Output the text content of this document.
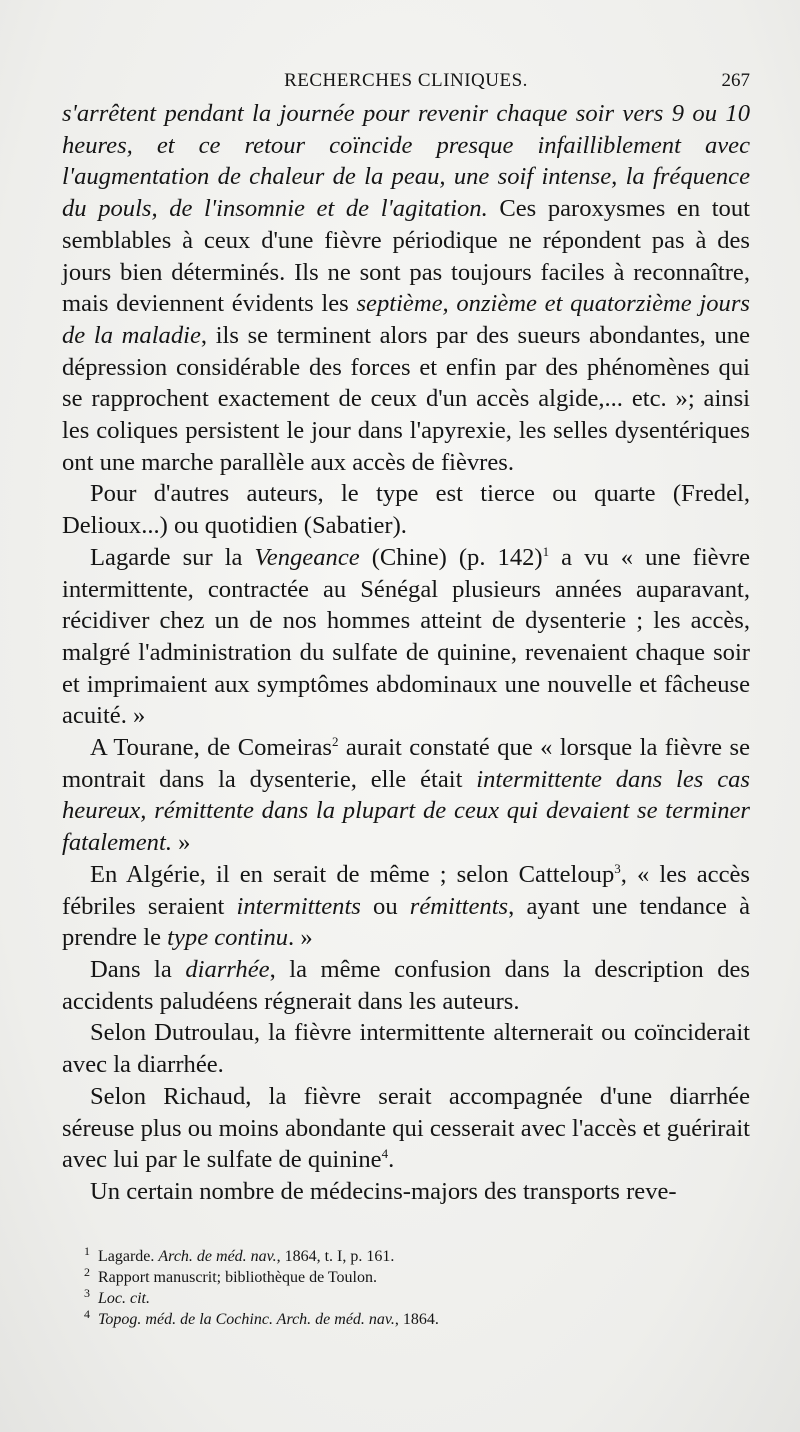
RECHERCHES CLINIQUES.	267

s'arrêtent pendant la journée pour revenir chaque soir vers 9 ou 10 heures, et ce retour coïncide presque infailliblement avec l'augmentation de chaleur de la peau, une soif intense, la fréquence du pouls, de l'insomnie et de l'agitation. Ces paroxysmes en tout semblables à ceux d'une fièvre périodique ne répondent pas à des jours bien déterminés. Ils ne sont pas toujours faciles à reconnaître, mais deviennent évidents les septième, onzième et quatorzième jours de la maladie, ils se terminent alors par des sueurs abondantes, une dépression considérable des forces et enfin par des phénomènes qui se rapprochent exactement de ceux d'un accès algide,... etc. »; ainsi les coliques persistent le jour dans l'apyrexie, les selles dysentériques ont une marche parallèle aux accès de fièvres.

Pour d'autres auteurs, le type est tierce ou quarte (Fredel, Delioux...) ou quotidien (Sabatier).

Lagarde sur la Vengeance (Chine) (p. 142)$^1$ a vu « une fièvre intermittente, contractée au Sénégal plusieurs années auparavant, récidiver chez un de nos hommes atteint de dysenterie ; les accès, malgré l'administration du sulfate de quinine, revenaient chaque soir et imprimaient aux symptômes abdominaux une nouvelle et fâcheuse acuité. »

A Tourane, de Comeiras$^2$ aurait constaté que « lorsque la fièvre se montrait dans la dysenterie, elle était intermittente dans les cas heureux, rémittente dans la plupart de ceux qui devaient se terminer fatalement. »

En Algérie, il en serait de même ; selon Catteloup$^3$, « les accès fébriles seraient intermittents ou rémittents, ayant une tendance à prendre le type continu. »

Dans la diarrhée, la même confusion dans la description des accidents paludéens régnerait dans les auteurs.

Selon Dutroulau, la fièvre intermittente alternerait ou coïnciderait avec la diarrhée.

Selon Richaud, la fièvre serait accompagnée d'une diarrhée séreuse plus ou moins abondante qui cesserait avec l'accès et guérirait avec lui par le sulfate de quinine$^4$.

Un certain nombre de médecins-majors des transports reve-

1 Lagarde. Arch. de méd. nav., 1864, t. I, p. 161.
2 Rapport manuscrit; bibliothèque de Toulon.
3 Loc. cit.
4 Topog. méd. de la Cochinc. Arch. de méd. nav., 1864.
